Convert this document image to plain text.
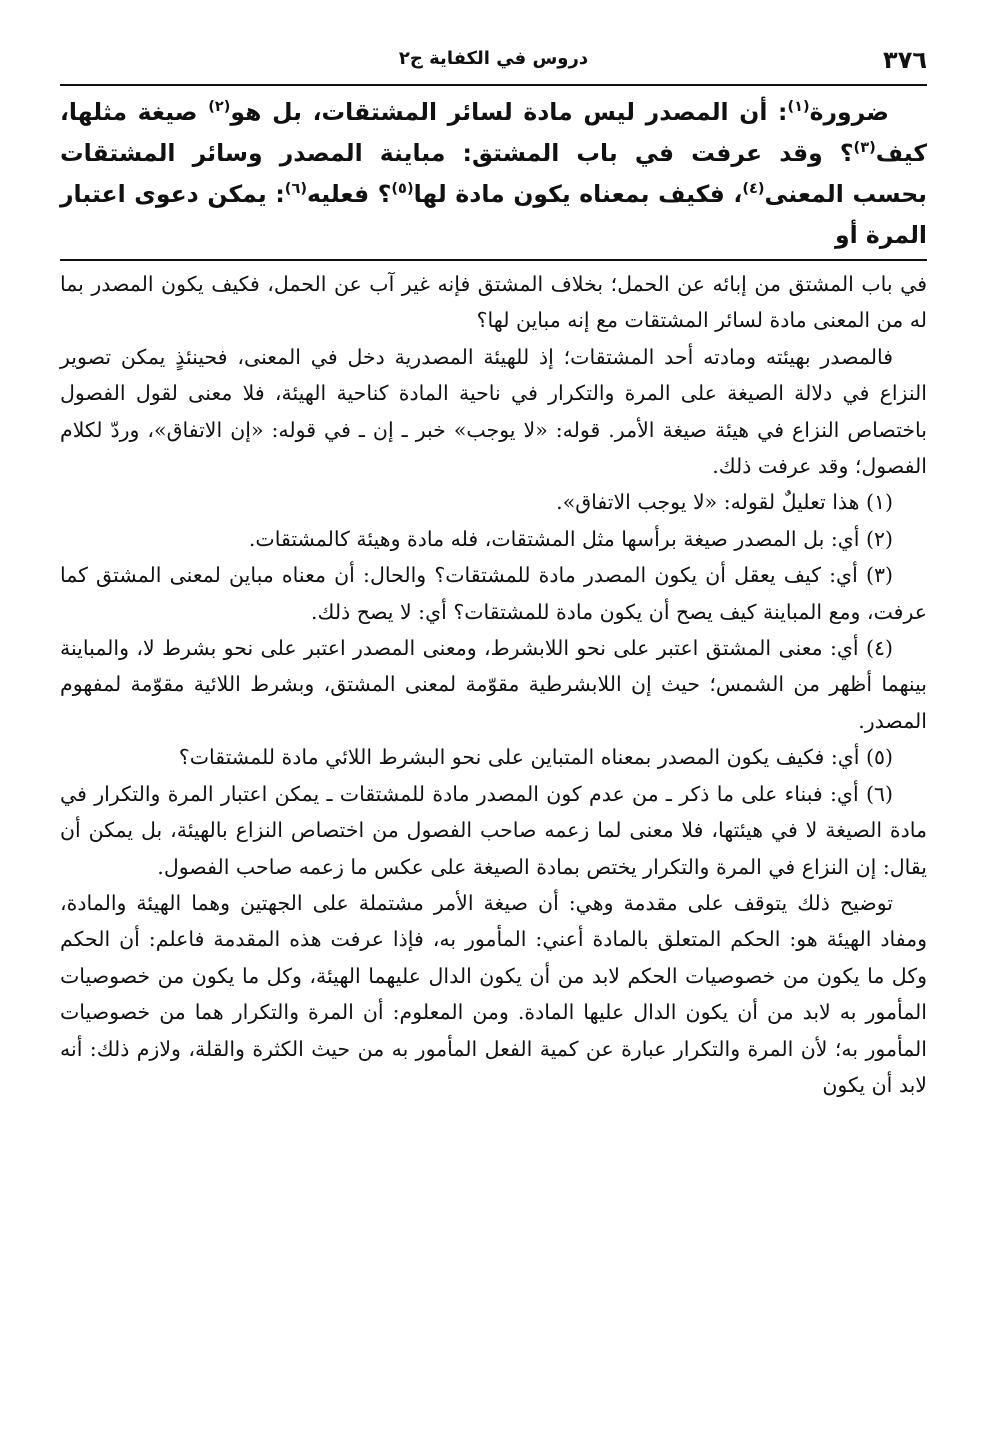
٣٧٦
دروس في الكفاية ج٢

ضرورة$^{(١)}$: أن المصدر ليس مادة لسائر المشتقات، بل هو$^{(٢)}$ صيغة مثلها، كيف$^{(٣)}$؟ وقد عرفت في باب المشتق: مباينة المصدر وسائر المشتقات بحسب المعنى$^{(٤)}$، فكيف بمعناه يكون مادة لها$^{(٥)}$؟ فعليه$^{(٦)}$: يمكن دعوى اعتبار المرة أو

في باب المشتق من إبائه عن الحمل؛ بخلاف المشتق فإنه غير آب عن الحمل، فكيف يكون المصدر بما له من المعنى مادة لسائر المشتقات مع إنه مباين لها؟

فالمصدر بهيئته ومادته أحد المشتقات؛ إذ للهيئة المصدرية دخل في المعنى، فحينئذٍ يمكن تصوير النزاع في دلالة الصيغة على المرة والتكرار في ناحية المادة كناحية الهيئة، فلا معنى لقول الفصول باختصاص النزاع في هيئة صيغة الأمر. قوله: «لا يوجب» خبر ـ إن ـ في قوله: «إن الاتفاق»، وردّ لكلام الفصول؛ وقد عرفت ذلك.

(١) هذا تعليلٌ لقوله: «لا يوجب الاتفاق».

(٢) أي: بل المصدر صيغة برأسها مثل المشتقات، فله مادة وهيئة كالمشتقات.

(٣) أي: كيف يعقل أن يكون المصدر مادة للمشتقات؟ والحال: أن معناه مباين لمعنى المشتق كما عرفت، ومع المباينة كيف يصح أن يكون مادة للمشتقات؟ أي: لا يصح ذلك.

(٤) أي: معنى المشتق اعتبر على نحو اللابشرط، ومعنى المصدر اعتبر على نحو بشرط لا، والمباينة بينهما أظهر من الشمس؛ حيث إن اللابشرطية مقوّمة لمعنى المشتق، وبشرط اللائية مقوّمة لمفهوم المصدر.

(٥) أي: فكيف يكون المصدر بمعناه المتباين على نحو البشرط اللائي مادة للمشتقات؟

(٦) أي: فبناء على ما ذكر ـ من عدم كون المصدر مادة للمشتقات ـ يمكن اعتبار المرة والتكرار في مادة الصيغة لا في هيئتها، فلا معنى لما زعمه صاحب الفصول من اختصاص النزاع بالهيئة، بل يمكن أن يقال: إن النزاع في المرة والتكرار يختص بمادة الصيغة على عكس ما زعمه صاحب الفصول.

توضيح ذلك يتوقف على مقدمة وهي: أن صيغة الأمر مشتملة على الجهتين وهما الهيئة والمادة، ومفاد الهيئة هو: الحكم المتعلق بالمادة أعني: المأمور به، فإذا عرفت هذه المقدمة فاعلم: أن الحكم وكل ما يكون من خصوصيات الحكم لابد من أن يكون الدال عليهما الهيئة، وكل ما يكون من خصوصيات المأمور به لابد من أن يكون الدال عليها المادة. ومن المعلوم: أن المرة والتكرار هما من خصوصيات المأمور به؛ لأن المرة والتكرار عبارة عن كمية الفعل المأمور به من حيث الكثرة والقلة، ولازم ذلك: أنه لابد أن يكون
